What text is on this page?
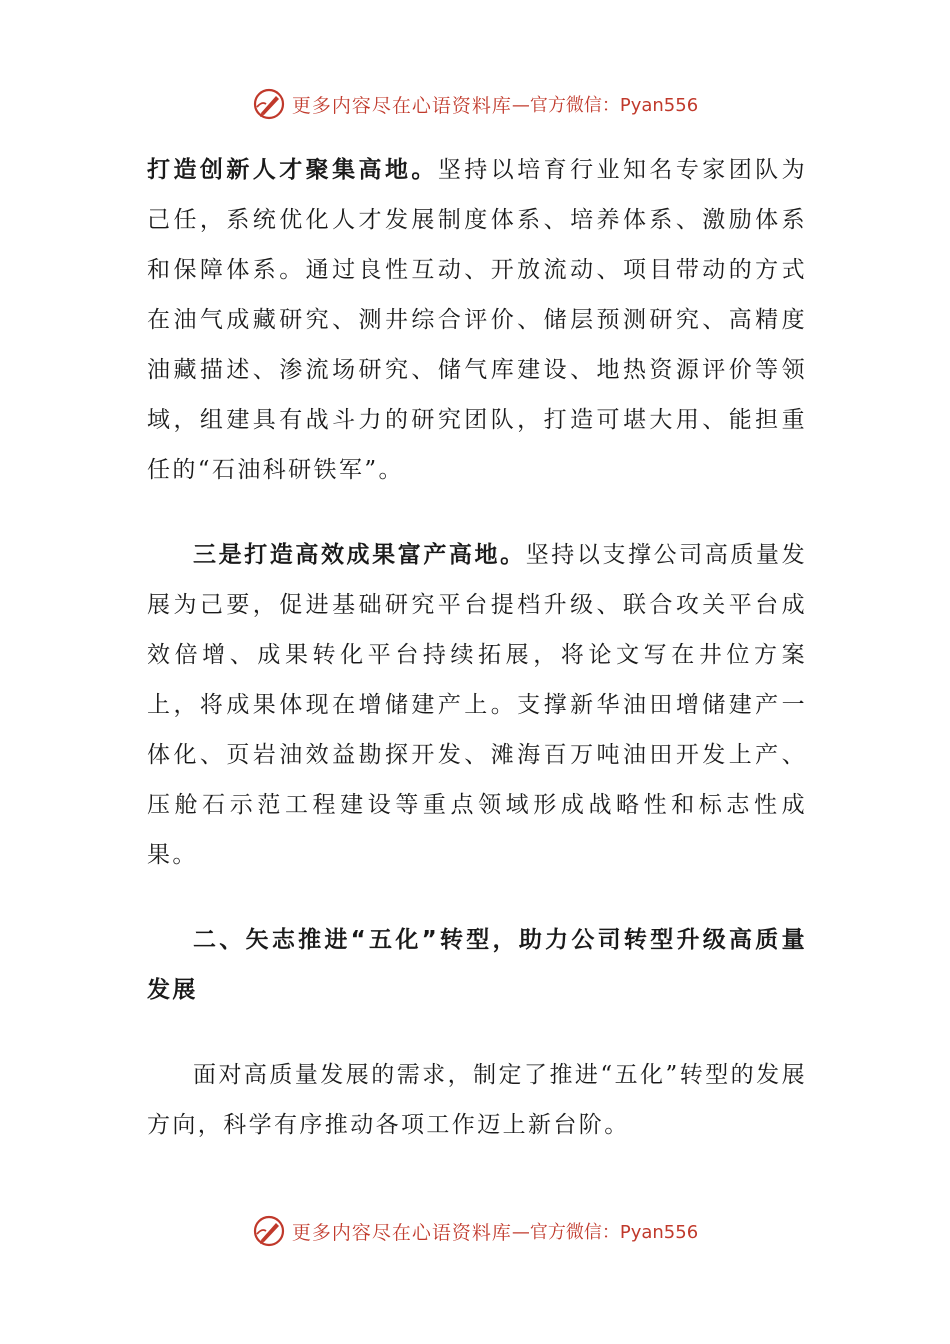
更多内容尽在心语资料库 —官方微信：Pyan556

打造创新人才聚集高地。坚持以培育行业知名专家团队为己任，系统优化人才发展制度体系、培养体系、激励体系和保障体系。通过良性互动、开放流动、项目带动的方式在油气成藏研究、测井综合评价、储层预测研究、高精度油藏描述、渗流场研究、储气库建设、地热资源评价等领域，组建具有战斗力的研究团队，打造可堪大用、能担重任的“石油科研铁军”。

三是打造高效成果富产高地。坚持以支撑公司高质量发展为己要，促进基础研究平台提档升级、联合攻关平台成效倍增、成果转化平台持续拓展，将论文写在井位方案上，将成果体现在增储建产上。支撑新华油田增储建产一体化、页岩油效益勘探开发、滩海百万吨油田开发上产、压舱石示范工程建设等重点领域形成战略性和标志性成果。

二、矢志推进“五化”转型，助力公司转型升级高质量发展

面对高质量发展的需求，制定了推进“五化”转型的发展方向，科学有序推动各项工作迈上新台阶。

更多内容尽在心语资料库 —官方微信：Pyan556
